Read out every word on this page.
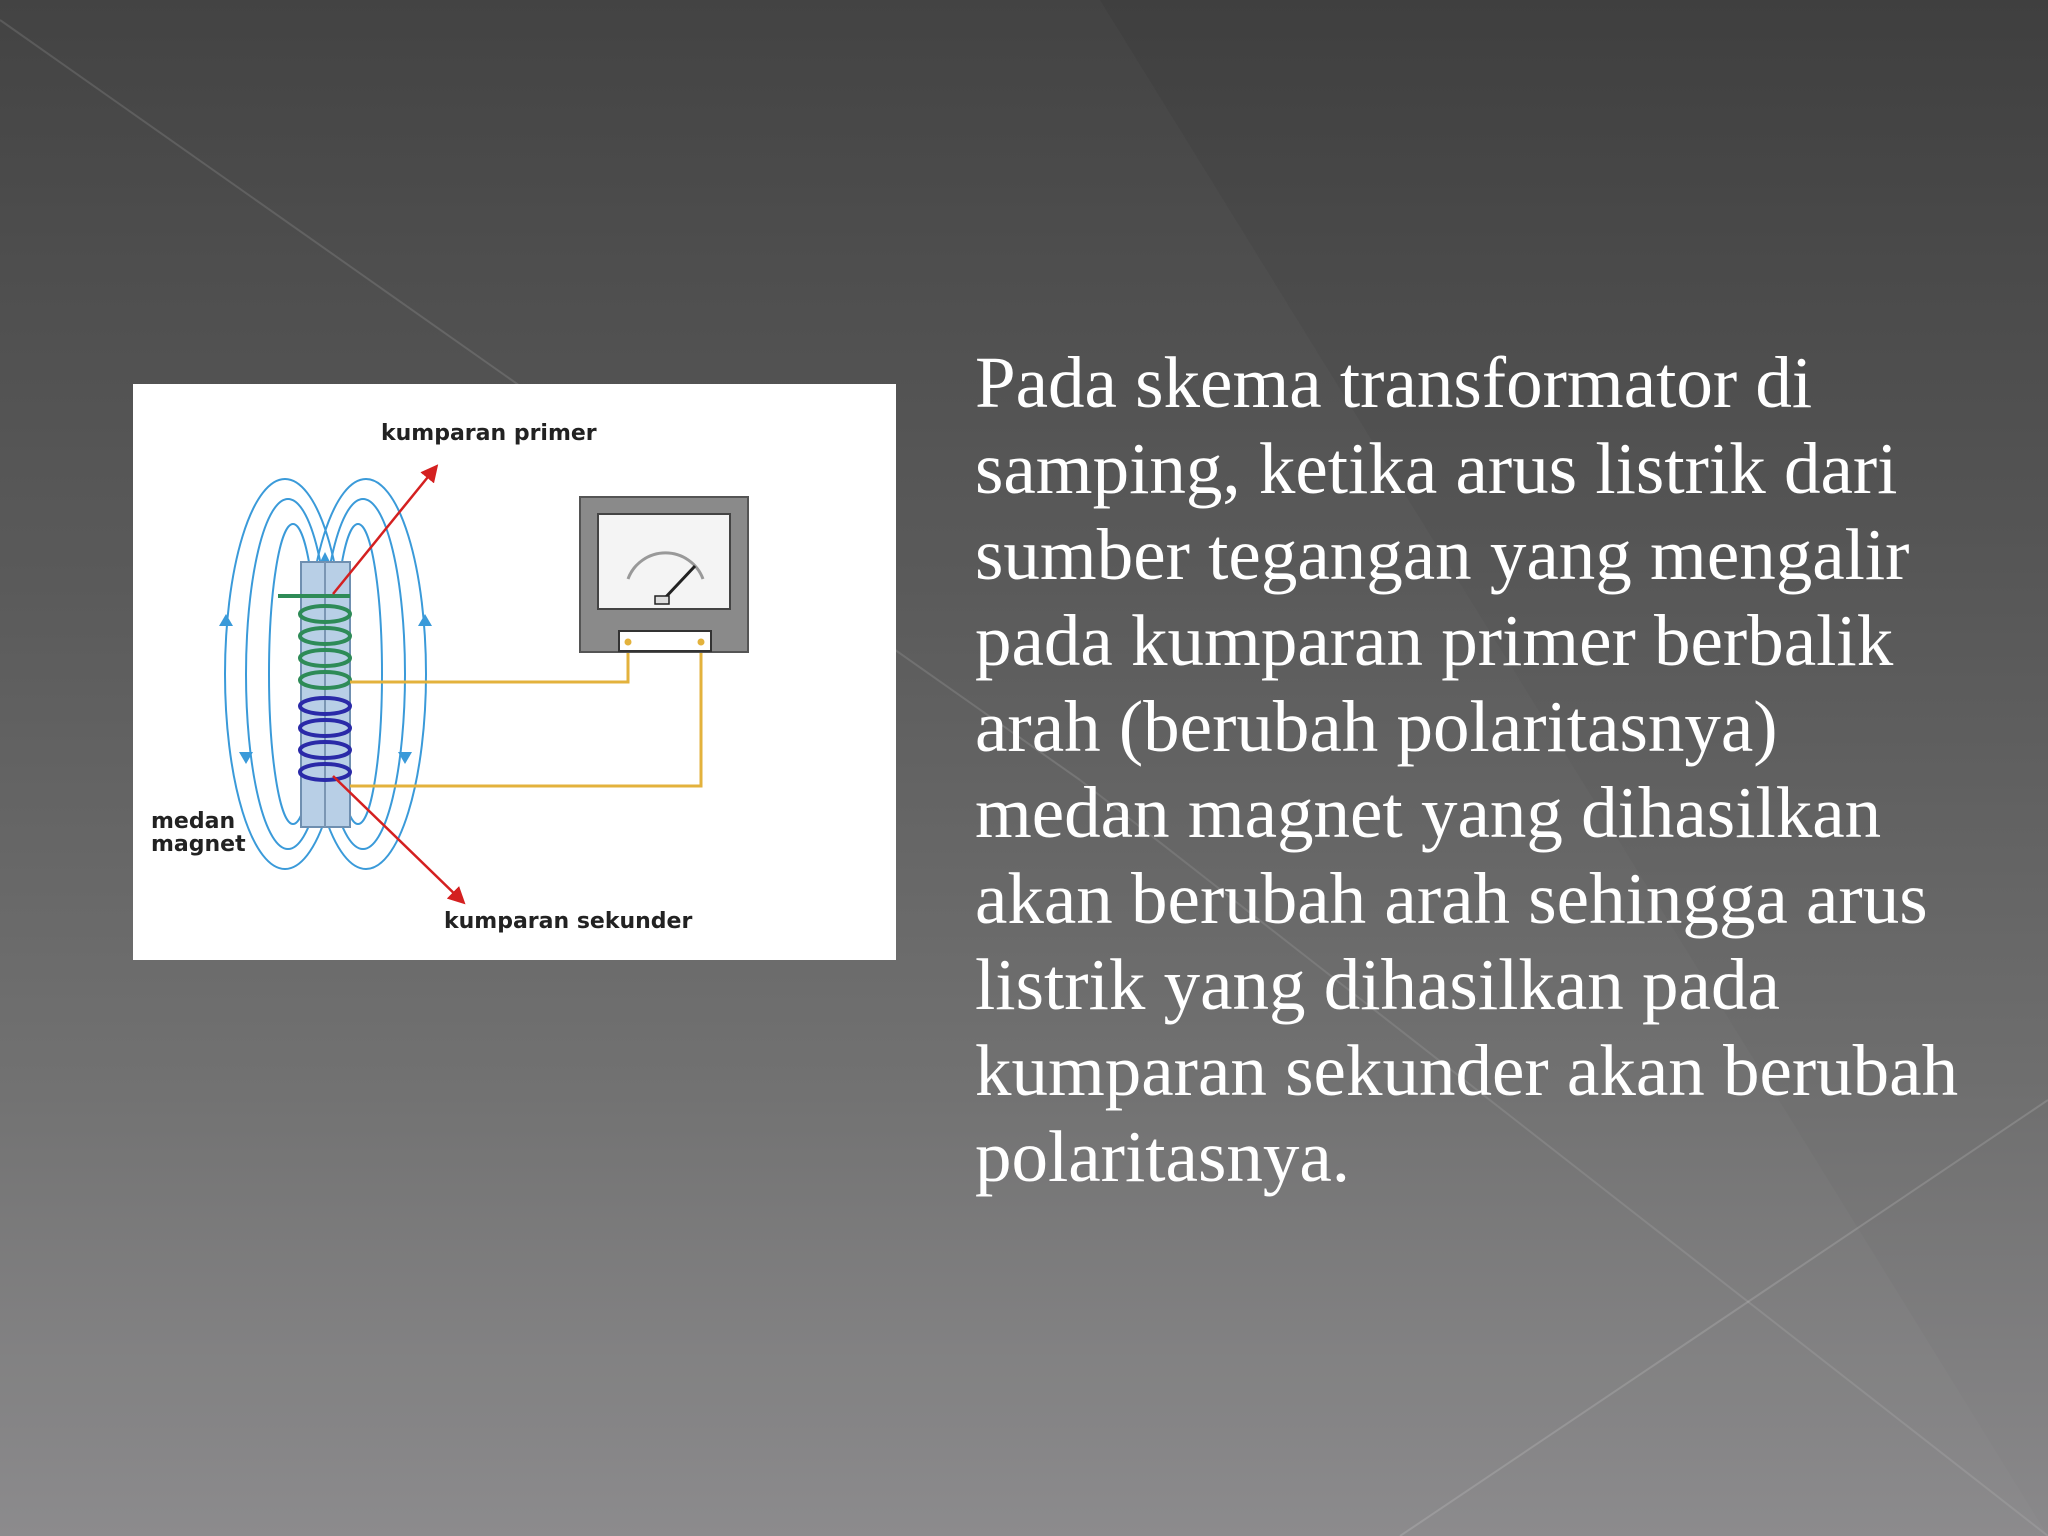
kumparan primer
kumparan sekunder
medan
magnet

Pada skema transformator di samping, ketika arus listrik dari sumber tegangan yang mengalir pada kumparan primer berbalik arah (berubah polaritasnya) medan magnet yang dihasilkan akan berubah arah sehingga arus listrik yang dihasilkan pada kumparan sekunder akan berubah polaritasnya.
